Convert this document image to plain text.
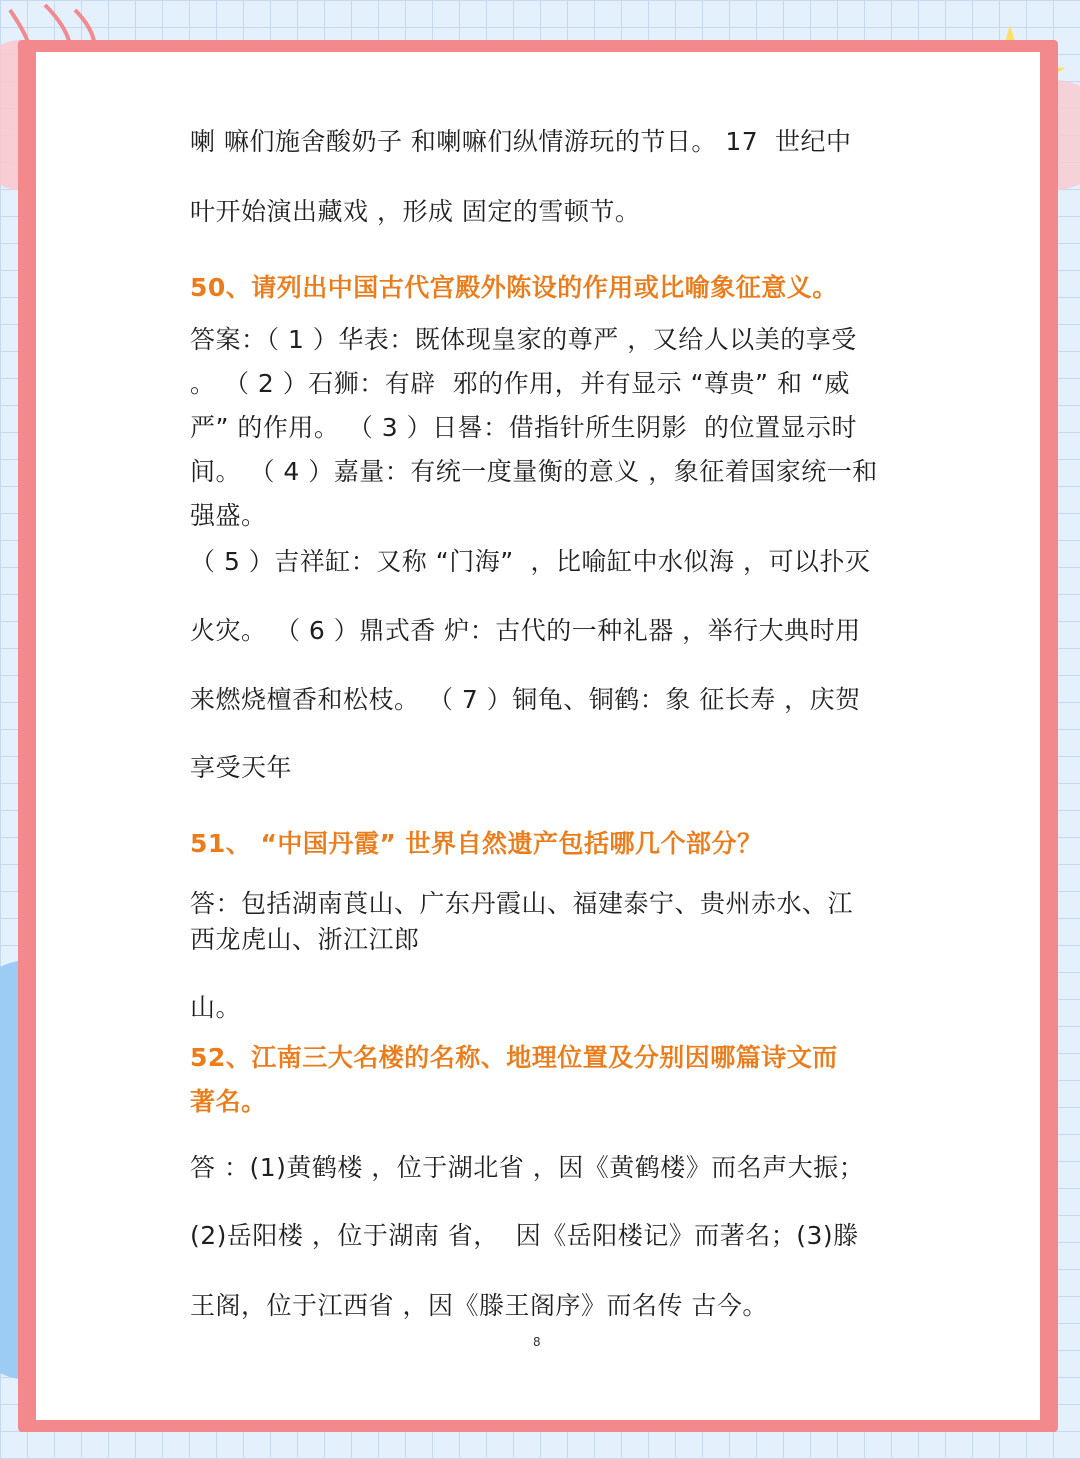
喇 嘛们施舍酸奶子 和喇嘛们纵情游玩的节日。 17  世纪中
叶开始演出藏戏 ，形成 固定的雪顿节。
50、请列出中国古代宫殿外陈设的作用或比喻象征意义。
答案：（ 1 ）华表：既体现皇家的尊严 ，又给人以美的享受
。 （ 2 ）石狮：有辟  邪的作用，并有显示 “尊贵” 和 “威
严” 的作用。 （ 3 ）日晷：借指针所生阴影  的位置显示时
间。 （ 4 ）嘉量：有统一度量衡的意义 ，象征着国家统一和
强盛。
（ 5 ）吉祥缸：又称 “门海”  ，比喻缸中水似海 ，可以扑灭
火灾。 （ 6 ）鼎式香 炉：古代的一种礼器 ，举行大典时用
来燃烧檀香和松枝。 （ 7 ）铜龟、铜鹤：象 征长寿 ，庆贺
享受天年
51、 “中国丹霞” 世界自然遗产包括哪几个部分？
答：包括湖南莨山、广东丹霞山、福建泰宁、贵州赤水、江
西龙虎山、浙江江郎
山。
52、江南三大名楼的名称、地理位置及分别因哪篇诗文而
著名。
答 ：(1)黄鹤楼 ，位于湖北省 ，因《黄鹤楼》而名声大振；
(2)岳阳楼 ，位于湖南 省，  因《岳阳楼记》而著名；(3)滕
王阁，位于江西省 ，因《滕王阁序》而名传 古今。
8
